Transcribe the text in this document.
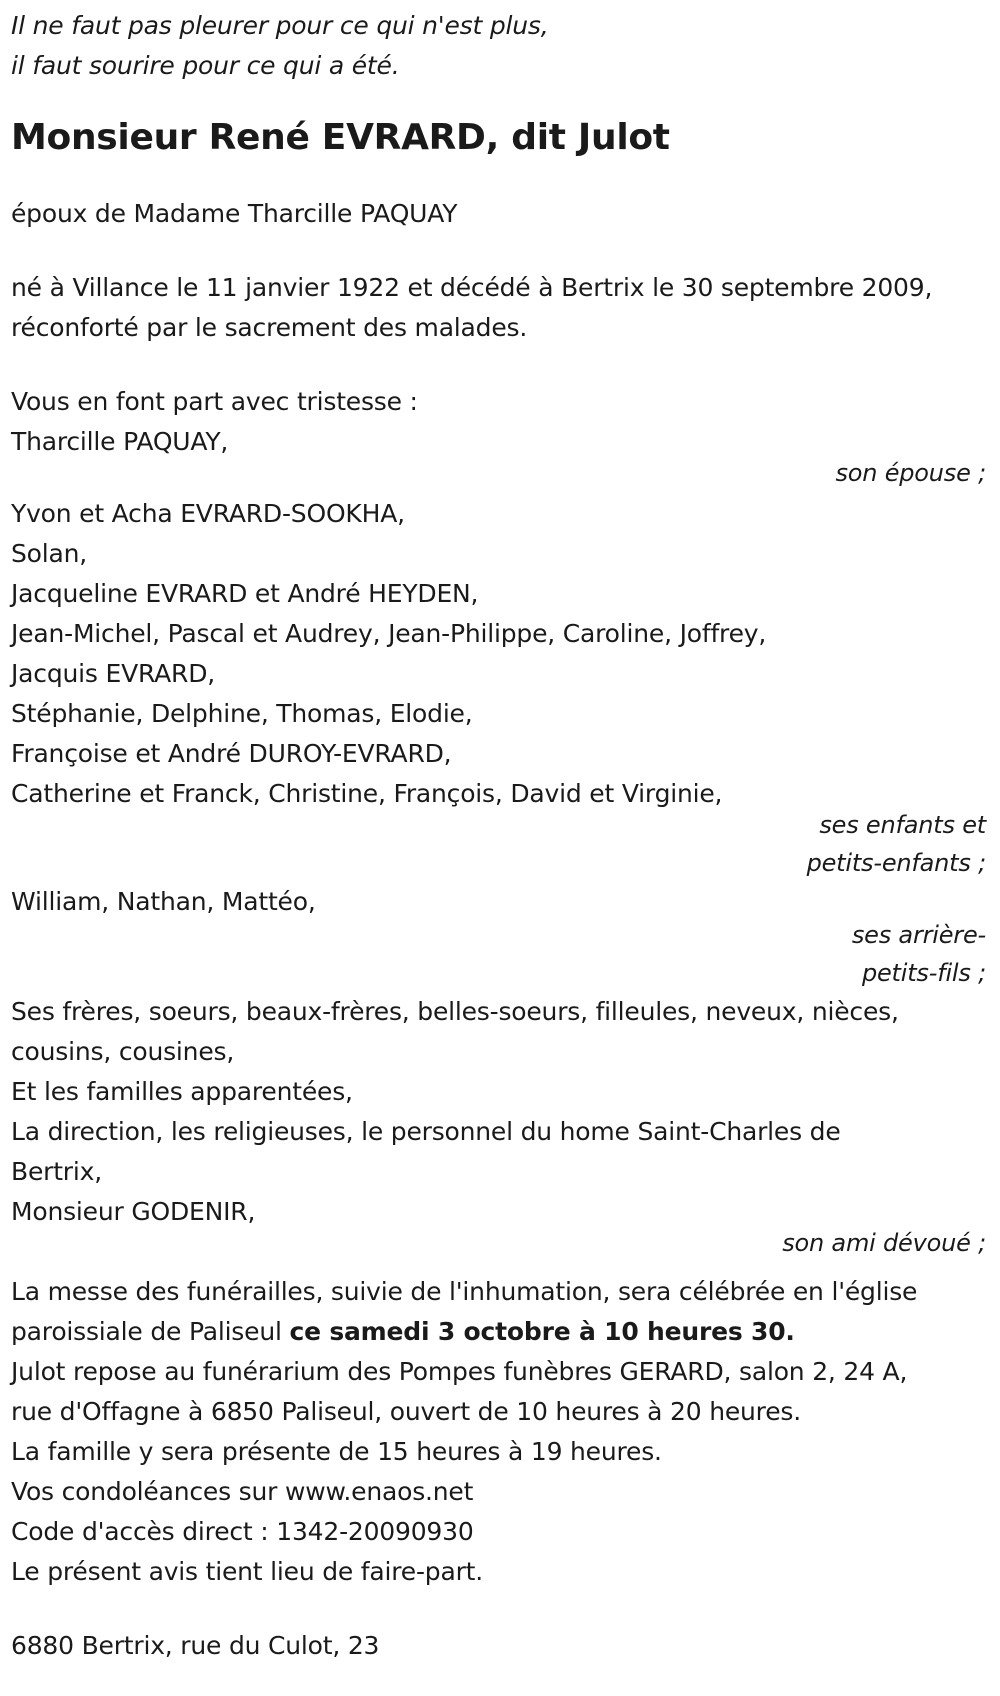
Il ne faut pas pleurer pour ce qui n'est plus,
il faut sourire pour ce qui a été.
Monsieur René EVRARD, dit Julot
époux de Madame Tharcille PAQUAY
né à Villance le 11 janvier 1922 et décédé à Bertrix le 30 septembre 2009,
réconforté par le sacrement des malades.
Vous en font part avec tristesse :
Tharcille PAQUAY,
son épouse ;
Yvon et Acha EVRARD-SOOKHA,
Solan,
Jacqueline EVRARD et André HEYDEN,
Jean-Michel, Pascal et Audrey, Jean-Philippe, Caroline, Joffrey,
Jacquis EVRARD,
Stéphanie, Delphine, Thomas, Elodie,
Françoise et André DUROY-EVRARD,
Catherine et Franck, Christine, François, David et Virginie,
ses enfants et
petits-enfants ;
William, Nathan, Mattéo,
ses arrière-
petits-fils ;
Ses frères, soeurs, beaux-frères, belles-soeurs, filleules, neveux, nièces,
cousins, cousines,
Et les familles apparentées,
La direction, les religieuses, le personnel du home Saint-Charles de
Bertrix,
Monsieur GODENIR,
son ami dévoué ;
La messe des funérailles, suivie de l'inhumation, sera célébrée en l'église
paroissiale de Paliseul ce samedi 3 octobre à 10 heures 30.
Julot repose au funérarium des Pompes funèbres GERARD, salon 2, 24 A,
rue d'Offagne à 6850 Paliseul, ouvert de 10 heures à 20 heures.
La famille y sera présente de 15 heures à 19 heures.
Vos condoléances sur www.enaos.net
Code d'accès direct : 1342-20090930
Le présent avis tient lieu de faire-part.
6880 Bertrix, rue du Culot, 23
